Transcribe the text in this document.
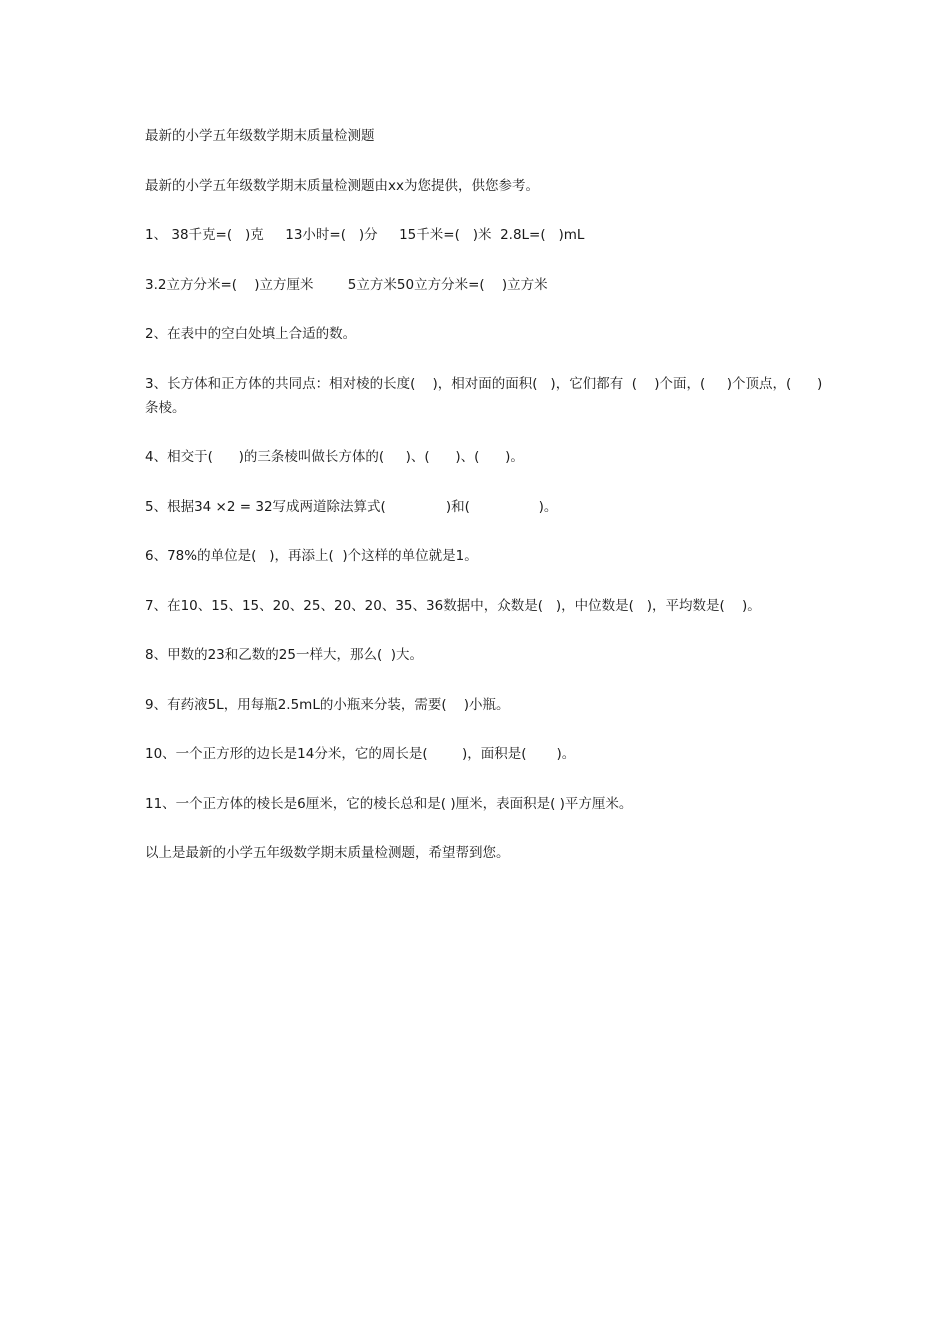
最新的小学五年级数学期末质量检测题

最新的小学五年级数学期末质量检测题由xx为您提供，供您参考。

1、 38千克=(   )克     13小时=(   )分     15千米=(   )米  2.8L=(   )mL

3.2立方分米=(    )立方厘米        5立方米50立方分米=(    )立方米

2、在表中的空白处填上合适的数。

3、长方体和正方体的共同点：相对棱的长度(    )，相对面的面积(   )，它们都有  (    )个面，(     )个顶点，(      )条棱。

4、相交于(      )的三条棱叫做长方体的(     )、(      )、(      )。

5、根据34 ×2 = 32写成两道除法算式(              )和(                )。

6、78%的单位是(   )，再添上(  )个这样的单位就是1。

7、在10、15、15、20、25、20、20、35、36数据中，众数是(   )，中位数是(   )，平均数是(    )。

8、甲数的23和乙数的25一样大，那么(  )大。

9、有药液5L，用每瓶2.5mL的小瓶来分装，需要(    )小瓶。

10、一个正方形的边长是14分米，它的周长是(        )，面积是(       )。

11、一个正方体的棱长是6厘米，它的棱长总和是( )厘米，表面积是( )平方厘米。

以上是最新的小学五年级数学期末质量检测题，希望帮到您。
